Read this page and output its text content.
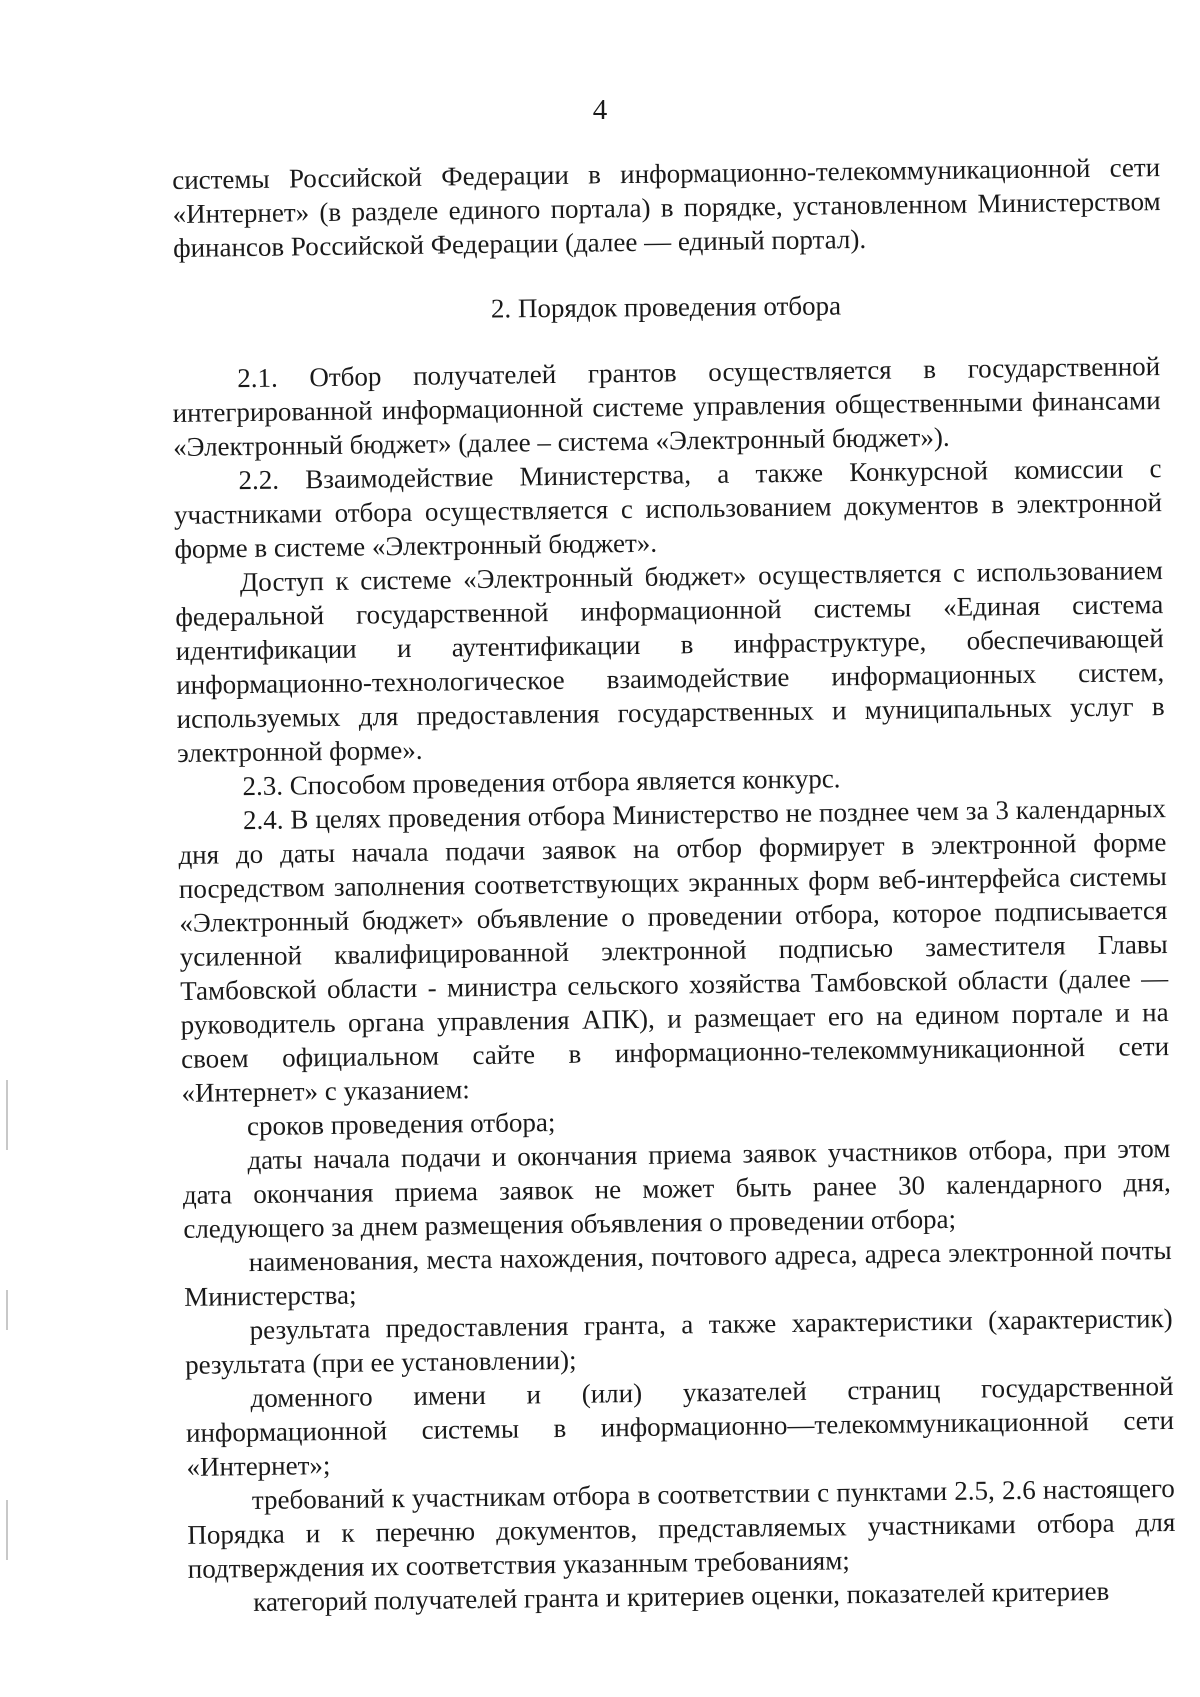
4

системы Российской Федерации в информационно-телекоммуникационной сети «Интернет» (в разделе единого портала) в порядке, установленном Министерством финансов Российской Федерации (далее — единый портал).

2. Порядок проведения отбора

2.1. Отбор получателей грантов осуществляется в государственной интегрированной информационной системе управления общественными финансами «Электронный бюджет» (далее – система «Электронный бюджет»).

2.2. Взаимодействие Министерства, а также Конкурсной комиссии с участниками отбора осуществляется с использованием документов в электронной форме в системе «Электронный бюджет».

Доступ к системе «Электронный бюджет» осуществляется с использованием федеральной государственной информационной системы «Единая система идентификации и аутентификации в инфраструктуре, обеспечивающей информационно-технологическое взаимодействие информационных систем, используемых для предоставления государственных и муниципальных услуг в электронной форме».

2.3. Способом проведения отбора является конкурс.

2.4. В целях проведения отбора Министерство не позднее чем за 3 календарных дня до даты начала подачи заявок на отбор формирует в электронной форме посредством заполнения соответствующих экранных форм веб-интерфейса системы «Электронный бюджет» объявление о проведении отбора, которое подписывается усиленной квалифицированной электронной подписью заместителя Главы Тамбовской области - министра сельского хозяйства Тамбовской области (далее — руководитель органа управления АПК), и размещает его на едином портале и на своем официальном сайте в информационно-телекоммуникационной сети «Интернет» с указанием:

сроков проведения отбора;

даты начала подачи и окончания приема заявок участников отбора, при этом дата окончания приема заявок не может быть ранее 30 календарного дня, следующего за днем размещения объявления о проведении отбора;

наименования, места нахождения, почтового адреса, адреса электронной почты Министерства;

результата предоставления гранта, а также характеристики (характеристик) результата (при ее установлении);

доменного имени и (или) указателей страниц государственной информационной системы в информационно—телекоммуникационной сети «Интернет»;

требований к участникам отбора в соответствии с пунктами 2.5, 2.6 настоящего Порядка и к перечню документов, представляемых участниками отбора для подтверждения их соответствия указанным требованиям;

категорий получателей гранта и критериев оценки, показателей критериев
